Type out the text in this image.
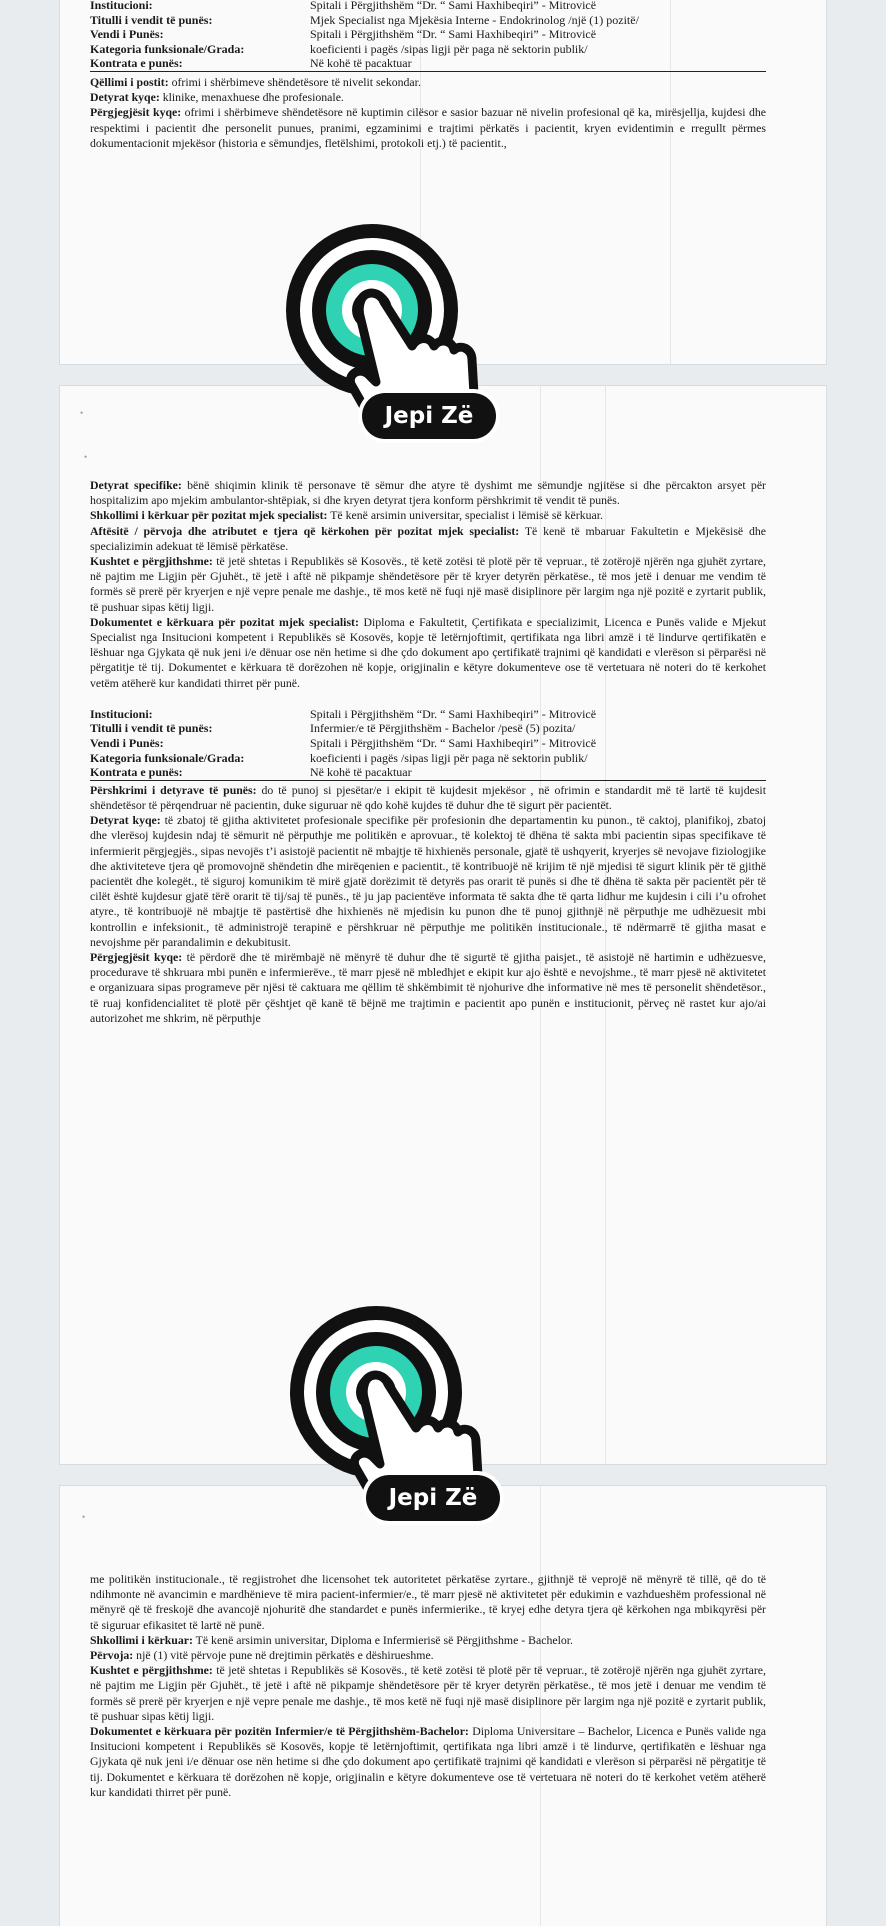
Institucioni:	Spitali i Përgjithshëm “Dr. “ Sami Haxhibeqiri” - Mitrovicë
Titulli i vendit të punës:	Mjek Specialist nga Mjekësia Interne - Endokrinolog /një (1) pozitë/
Vendi i Punës:	Spitali i Përgjithshëm “Dr. “ Sami Haxhibeqiri” - Mitrovicë
Kategoria funksionale/Grada:	koeficienti i pagës /sipas ligji për paga në sektorin publik/
Kontrata e punës:	Në kohë të pacaktuar

Qëllimi i postit: ofrimi i shërbimeve shëndetësore të nivelit sekondar.

Detyrat kyqe: klinike, menaxhuese dhe profesionale.

Përgjegjësit kyqe: ofrimi i shërbimeve shëndetësore në kuptimin cilësor e sasior bazuar në nivelin profesional që ka, mirësjellja, kujdesi dhe respektimi i pacientit dhe personelit punues, pranimi, egzaminimi e trajtimi përkatës i pacientit, kryen evidentimin e rregullt përmes dokumentacionit mjekësor (historia e sëmundjes, fletëlshimi, protokoli etj.) të pacientit.,

•
•

Detyrat specifike: bënë shiqimin klinik të personave të sëmur dhe atyre të dyshimt me sëmundje ngjitëse si dhe përcakton arsyet për hospitalizim apo mjekim ambulantor-shtëpiak, si dhe kryen detyrat tjera konform përshkrimit të vendit të punës.

Shkollimi i kërkuar për pozitat mjek specialist: Të kenë arsimin universitar, specialist i lëmisë së kërkuar.

Aftësitë / përvoja dhe atributet e tjera që kërkohen për pozitat mjek specialist: Të kenë të mbaruar Fakultetin e Mjekësisë dhe specializimin adekuat të lëmisë përkatëse.

Kushtet e përgjithshme: të jetë shtetas i Republikës së Kosovës., të ketë zotësi të plotë për të vepruar., të zotërojë njërën nga gjuhët zyrtare, në pajtim me Ligjin për Gjuhët., të jetë i aftë në pikpamje shëndetësore për të kryer detyrën përkatëse., të mos jetë i denuar me vendim të formës së prerë për kryerjen e një vepre penale me dashje., të mos ketë në fuqi një masë disiplinore për largim nga një pozitë e zyrtarit publik, të pushuar sipas këtij ligji.

Dokumentet e kërkuara për pozitat mjek specialist: Diploma e Fakultetit, Çertifikata e specializimit, Licenca e Punës valide e Mjekut Specialist nga Insitucioni kompetent i Republikës së Kosovës, kopje të letërnjoftimit, qertifikata nga libri amzë i të lindurve qertifikatën e lëshuar nga Gjykata që nuk jeni i/e dënuar ose nën hetime si dhe çdo dokument apo çertifikatë trajnimi që kandidati e vlerëson si përparësi në përgatitje të tij. Dokumentet e kërkuara të dorëzohen në kopje, origjinalin e këtyre dokumenteve ose të vertetuara në noteri do të kerkohet vetëm atëherë kur kandidati thirret për punë.

Institucioni:	Spitali i Përgjithshëm “Dr. “ Sami Haxhibeqiri” - Mitrovicë
Titulli i vendit të punës:	Infermier/e të Përgjithshëm - Bachelor /pesë (5) pozita/
Vendi i Punës:	Spitali i Përgjithshëm “Dr. “ Sami Haxhibeqiri” - Mitrovicë
Kategoria funksionale/Grada:	koeficienti i pagës /sipas ligji për paga në sektorin publik/
Kontrata e punës:	Në kohë të pacaktuar

Përshkrimi i detyrave të punës: do të punoj si pjesëtar/e i ekipit të kujdesit mjekësor , në ofrimin e standardit më të lartë të kujdesit shëndetësor të përqendruar në pacientin, duke siguruar në qdo kohë kujdes të duhur dhe të sigurt për pacientët.

Detyrat kyqe: të zbatoj të gjitha aktivitetet profesionale specifike për profesionin dhe departamentin ku punon., të caktoj, planifikoj, zbatoj dhe vlerësoj kujdesin ndaj të sëmurit në përputhje me politikën e aprovuar., të kolektoj të dhëna të sakta mbi pacientin sipas specifikave të infermierit përgjegjës., sipas nevojës t’i asistojë pacientit në mbajtje të hixhienës personale, gjatë të ushqyerit, kryerjes së nevojave fiziologjike dhe aktiviteteve tjera që promovojnë shëndetin dhe mirëqenien e pacientit., të kontribuojë në krijim të një mjedisi të sigurt klinik për të gjithë pacientët dhe kolegët., të siguroj komunikim të mirë gjatë dorëzimit të detyrës pas orarit të punës si dhe të dhëna të sakta për pacientët për të cilët është kujdesur gjatë tërë orarit të tij/saj të punës., të ju jap pacientëve informata të sakta dhe të qarta lidhur me kujdesin i cili i’u ofrohet atyre., të kontribuojë në mbajtje të pastërtisë dhe hixhienës në mjedisin ku punon dhe të punoj gjithnjë në përputhje me udhëzuesit mbi kontrollin e infeksionit., të administrojë terapinë e përshkruar në përputhje me politikën institucionale., të ndërmarrë të gjitha masat e nevojshme për parandalimin e dekubitusit.

Përgjegjësit kyqe: të përdorë dhe të mirëmbajë në mënyrë të duhur dhe të sigurtë të gjitha paisjet., të asistojë në hartimin e udhëzuesve, procedurave të shkruara mbi punën e infermierëve., të marr pjesë në mbledhjet e ekipit kur ajo është e nevojshme., të marr pjesë në aktivitetet e organizuara sipas programeve për njësi të caktuara me qëllim të shkëmbimit të njohurive dhe informative në mes të personelit shëndetësor., të ruaj konfidencialitet të plotë për çështjet që kanë të bëjnë me trajtimin e pacientit apo punën e institucionit, përveç në rastet kur ajo/ai autorizohet me shkrim, në përputhje

•

me politikën institucionale., të regjistrohet dhe licensohet tek autoritetet përkatëse zyrtare., gjithnjë të veprojë në mënyrë të tillë, që do të ndihmonte në avancimin e mardhënieve të mira pacient-infermier/e., të marr pjesë në aktivitetet për edukimin e vazhdueshëm professional në mënyrë që të freskojë dhe avancojë njohuritë dhe standardet e punës infermierike., të kryej edhe detyra tjera që kërkohen nga mbikqyrësi për të siguruar efikasitet të lartë në punë.

Shkollimi i kërkuar: Të kenë arsimin universitar, Diploma e Infermierisë së Përgjithshme - Bachelor.

Përvoja: një (1) vitë përvoje pune në drejtimin përkatës e dëshirueshme.

Kushtet e përgjithshme: të jetë shtetas i Republikës së Kosovës., të ketë zotësi të plotë për të vepruar., të zotërojë njërën nga gjuhët zyrtare, në pajtim me Ligjin për Gjuhët., të jetë i aftë në pikpamje shëndetësore për të kryer detyrën përkatëse., të mos jetë i denuar me vendim të formës së prerë për kryerjen e një vepre penale me dashje., të mos ketë në fuqi një masë disiplinore për largim nga një pozitë e zyrtarit publik, të pushuar sipas këtij ligji.

Dokumentet e kërkuara për pozitën Infermier/e të Përgjithshëm-Bachelor: Diploma Universitare – Bachelor, Licenca e Punës valide nga Insitucioni kompetent i Republikës së Kosovës, kopje të letërnjoftimit, qertifikata nga libri amzë i të lindurve, qertifikatën e lëshuar nga Gjykata që nuk jeni i/e dënuar ose nën hetime si dhe çdo dokument apo çertifikatë trajnimi që kandidati e vlerëson si përparësi në përgatitje të tij. Dokumentet e kërkuara të dorëzohen në kopje, origjinalin e këtyre dokumenteve ose të vertetuara në noteri do të kerkohet vetëm atëherë kur kandidati thirret për punë.

Jepi Zë
Jepi Zë
